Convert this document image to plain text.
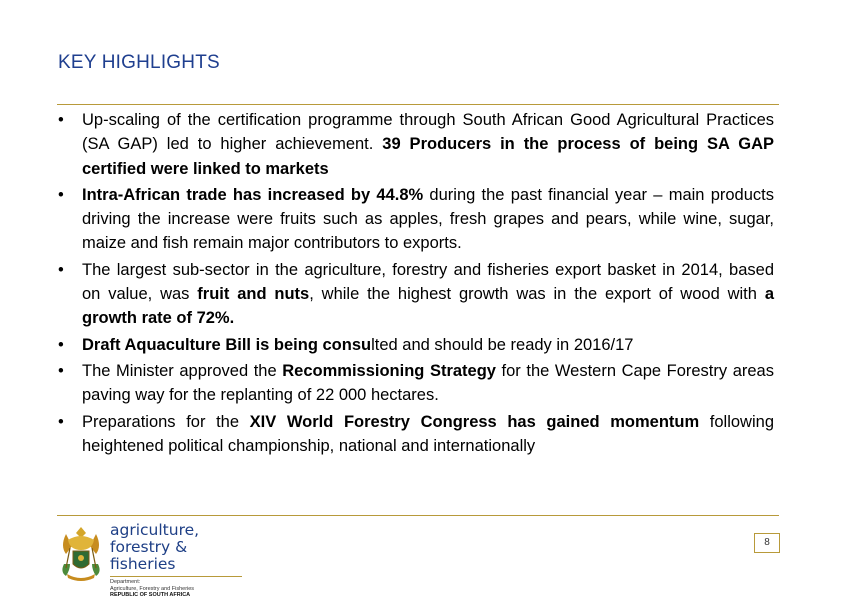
KEY HIGHLIGHTS
• Up-scaling of the certification programme through South African Good Agricultural Practices (SA GAP) led to higher achievement. 39 Producers in the process of being SA GAP certified were linked to markets
• Intra-African trade has increased by 44.8% during the past financial year – main products driving the increase were fruits such as apples, fresh grapes and pears, while wine, sugar, maize and fish remain major contributors to exports.
• The largest sub-sector in the agriculture, forestry and fisheries export basket in 2014, based on value, was fruit and nuts, while the highest growth was in the export of wood with a growth rate of 72%.
• Draft Aquaculture Bill is being consulted and should be ready in 2016/17
• The Minister approved the Recommissioning Strategy for the Western Cape Forestry areas paving way for the replanting of 22 000 hectares.
• Preparations for the XIV World Forestry Congress has gained momentum following heightened political championship, national and internationally
agriculture,
forestry & fisheries
Department:
Agriculture, Forestry and Fisheries
REPUBLIC OF SOUTH AFRICA
8
